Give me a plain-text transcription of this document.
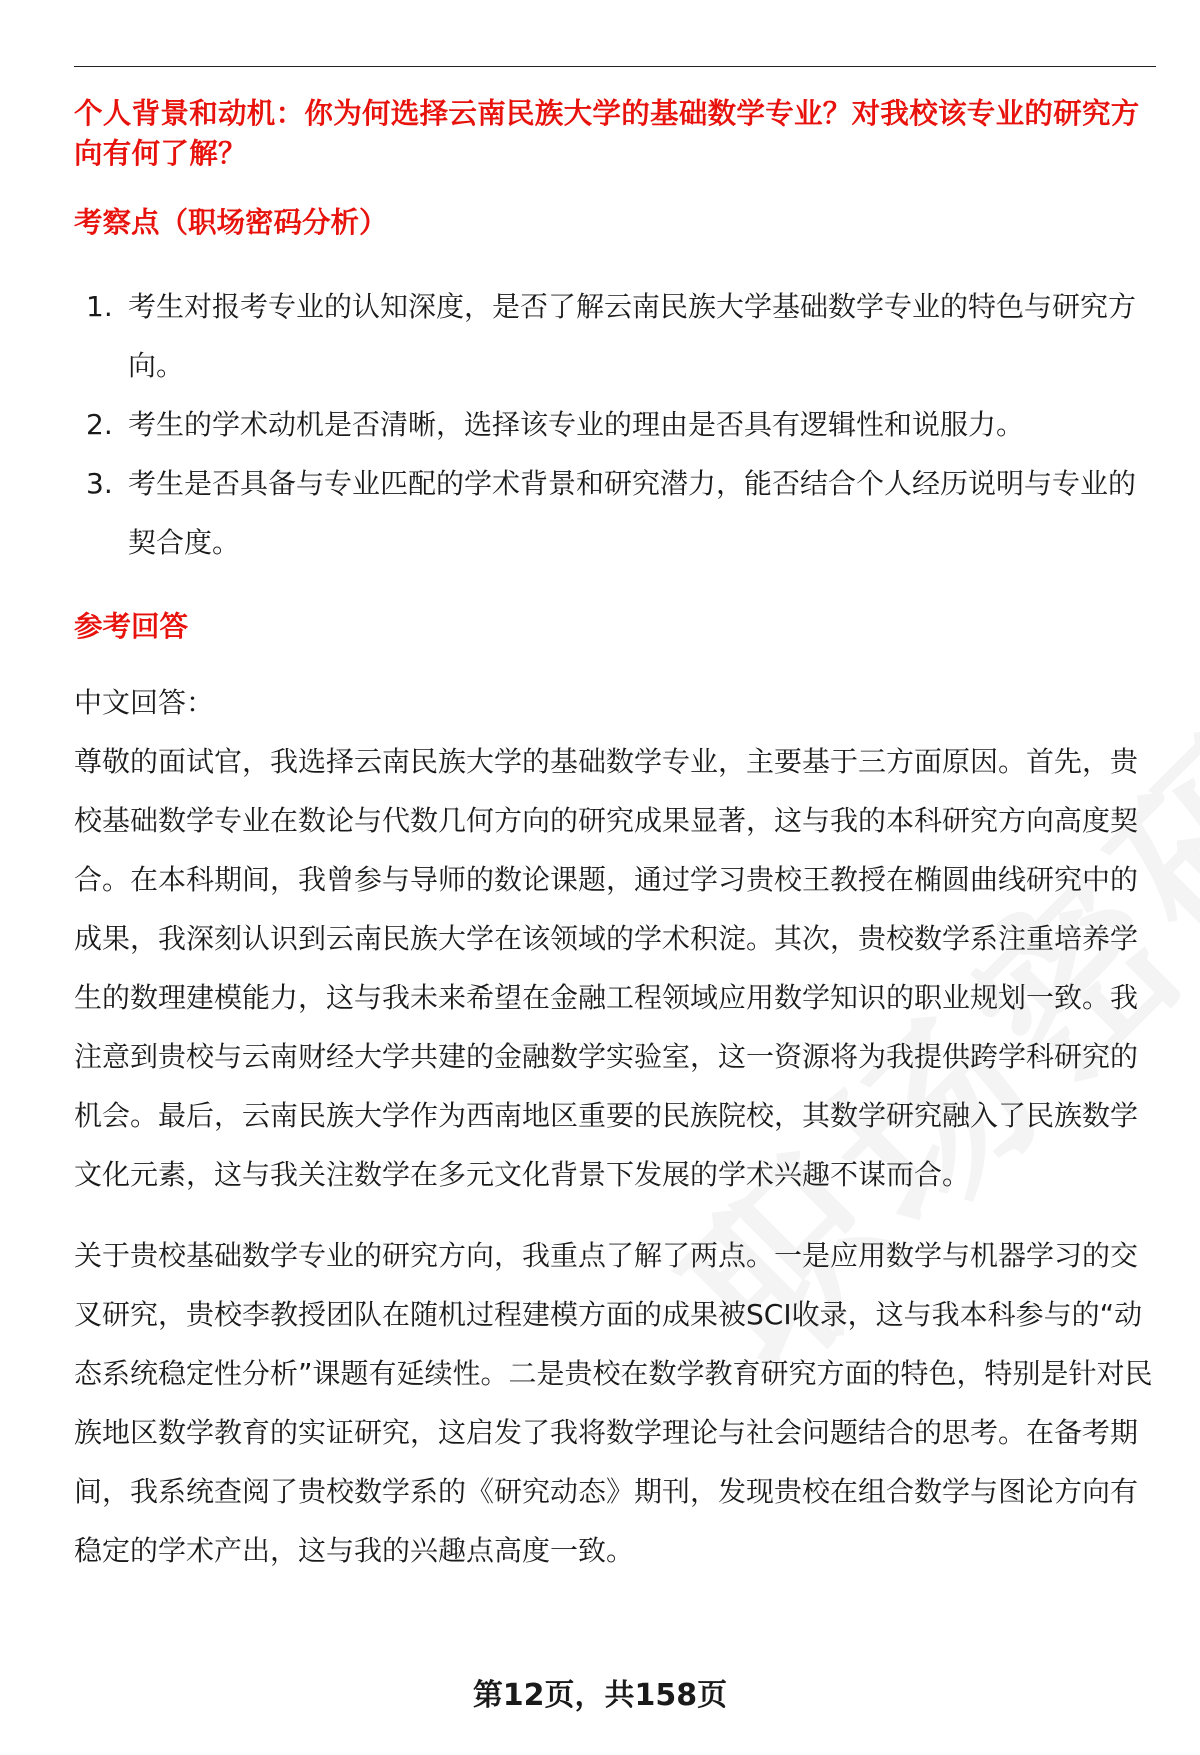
个人背景和动机：你为何选择云南民族大学的基础数学专业？对我校该专业的研究方向有何了解？

考察点（职场密码分析）

1. 考生对报考专业的认知深度，是否了解云南民族大学基础数学专业的特色与研究方向。
2. 考生的学术动机是否清晰，选择该专业的理由是否具有逻辑性和说服力。
3. 考生是否具备与专业匹配的学术背景和研究潜力，能否结合个人经历说明与专业的契合度。

参考回答

中文回答：

尊敬的面试官，我选择云南民族大学的基础数学专业，主要基于三方面原因。首先，贵校基础数学专业在数论与代数几何方向的研究成果显著，这与我的本科研究方向高度契合。在本科期间，我曾参与导师的数论课题，通过学习贵校王教授在椭圆曲线研究中的成果，我深刻认识到云南民族大学在该领域的学术积淀。其次，贵校数学系注重培养学生的数理建模能力，这与我未来希望在金融工程领域应用数学知识的职业规划一致。我注意到贵校与云南财经大学共建的金融数学实验室，这一资源将为我提供跨学科研究的机会。最后，云南民族大学作为西南地区重要的民族院校，其数学研究融入了民族数学文化元素，这与我关注数学在多元文化背景下发展的学术兴趣不谋而合。

关于贵校基础数学专业的研究方向，我重点了解了两点。一是应用数学与机器学习的交叉研究，贵校李教授团队在随机过程建模方面的成果被SCI收录，这与我本科参与的“动态系统稳定性分析”课题有延续性。二是贵校在数学教育研究方面的特色，特别是针对民族地区数学教育的实证研究，这启发了我将数学理论与社会问题结合的思考。在备考期间，我系统查阅了贵校数学系的《研究动态》期刊，发现贵校在组合数学与图论方向有稳定的学术产出，这与我的兴趣点高度一致。

第12页，共158页
